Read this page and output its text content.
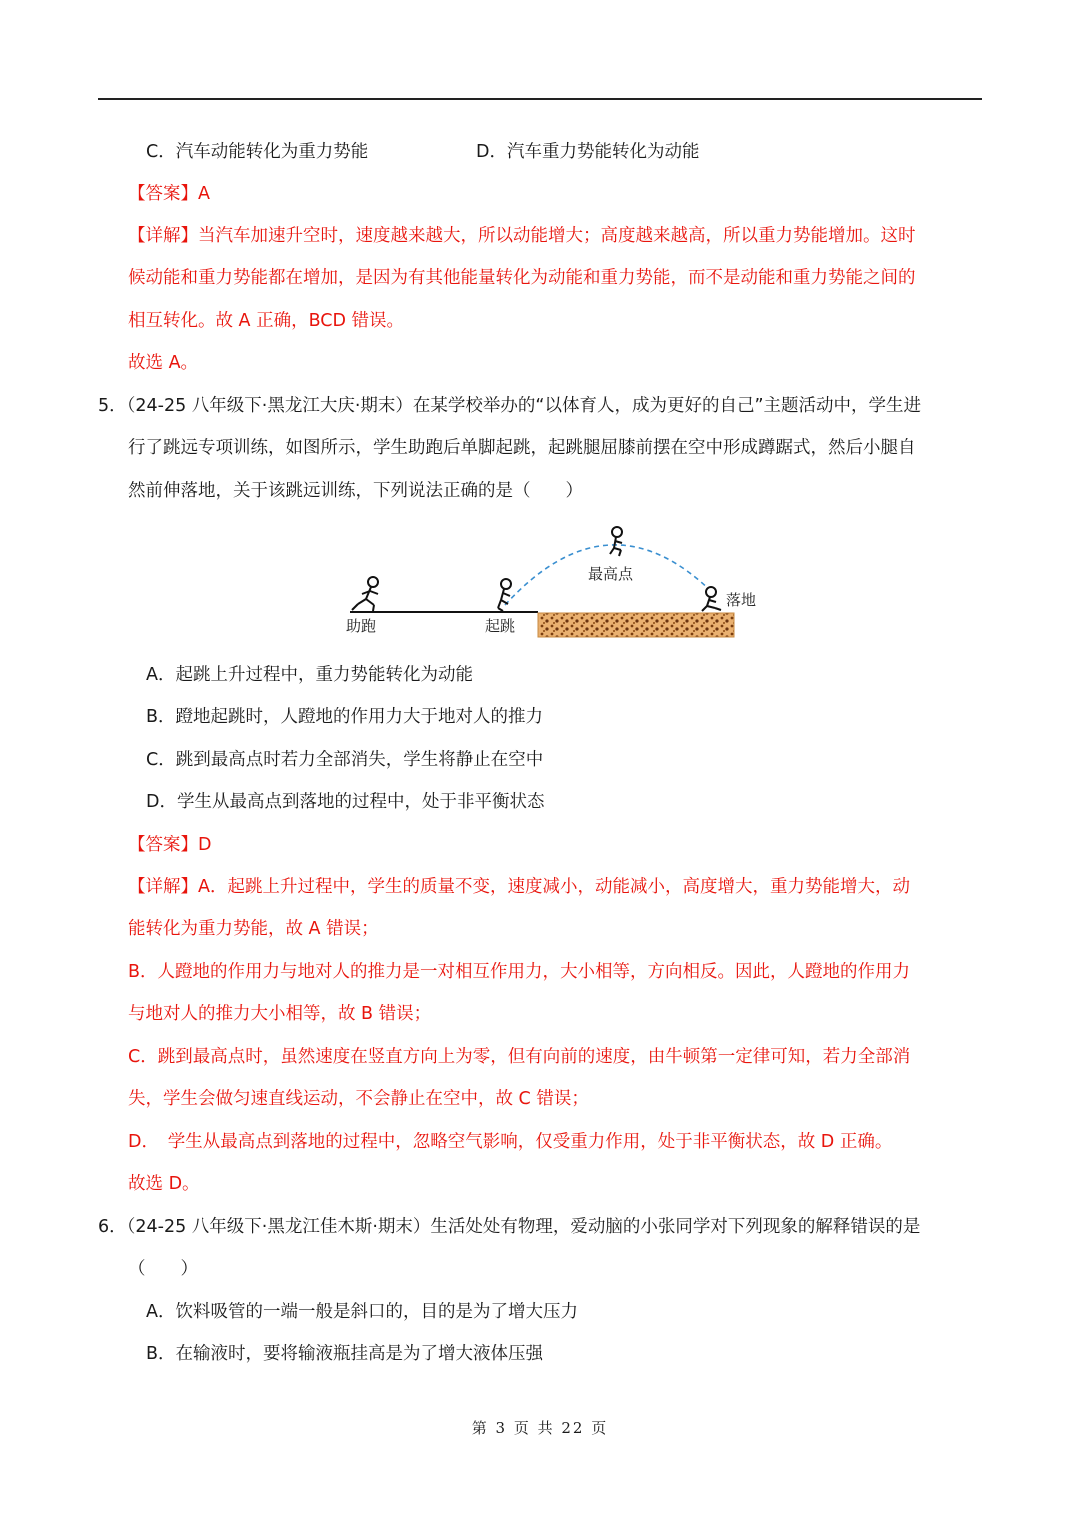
C．汽车动能转化为重力势能	D．汽车重力势能转化为动能
【答案】A
【详解】当汽车加速升空时，速度越来越大，所以动能增大；高度越来越高，所以重力势能增加。这时
候动能和重力势能都在增加，是因为有其他能量转化为动能和重力势能，而不是动能和重力势能之间的
相互转化。故 A 正确，BCD 错误。
故选 A。
5．（24-25 八年级下·黑龙江大庆·期末）在某学校举办的“以体育人，成为更好的自己”主题活动中，学生进
行了跳远专项训练，如图所示，学生助跑后单脚起跳，起跳腿屈膝前摆在空中形成蹲踞式，然后小腿自
然前伸落地，关于该跳远训练，下列说法正确的是（　　）
助跑	起跳
最高点
落地
A．起跳上升过程中，重力势能转化为动能
B．蹬地起跳时，人蹬地的作用力大于地对人的推力
C．跳到最高点时若力全部消失，学生将静止在空中
D．学生从最高点到落地的过程中，处于非平衡状态
【答案】D
【详解】A．起跳上升过程中，学生的质量不变，速度减小，动能减小，高度增大，重力势能增大，动
能转化为重力势能，故 A 错误；
B．人蹬地的作用力与地对人的推力是一对相互作用力，大小相等，方向相反。因此，人蹬地的作用力
与地对人的推力大小相等，故 B 错误；
C．跳到最高点时，虽然速度在竖直方向上为零，但有向前的速度，由牛顿第一定律可知，若力全部消
失，学生会做匀速直线运动，不会静止在空中，故 C 错误；
D．　学生从最高点到落地的过程中，忽略空气影响，仅受重力作用，处于非平衡状态，故 D 正确。
故选 D。
6．（24-25 八年级下·黑龙江佳木斯·期末）生活处处有物理，爱动脑的小张同学对下列现象的解释错误的是
（　　）
A．饮料吸管的一端一般是斜口的，目的是为了增大压力
B．在输液时，要将输液瓶挂高是为了增大液体压强
第 3 页 共 22 页
